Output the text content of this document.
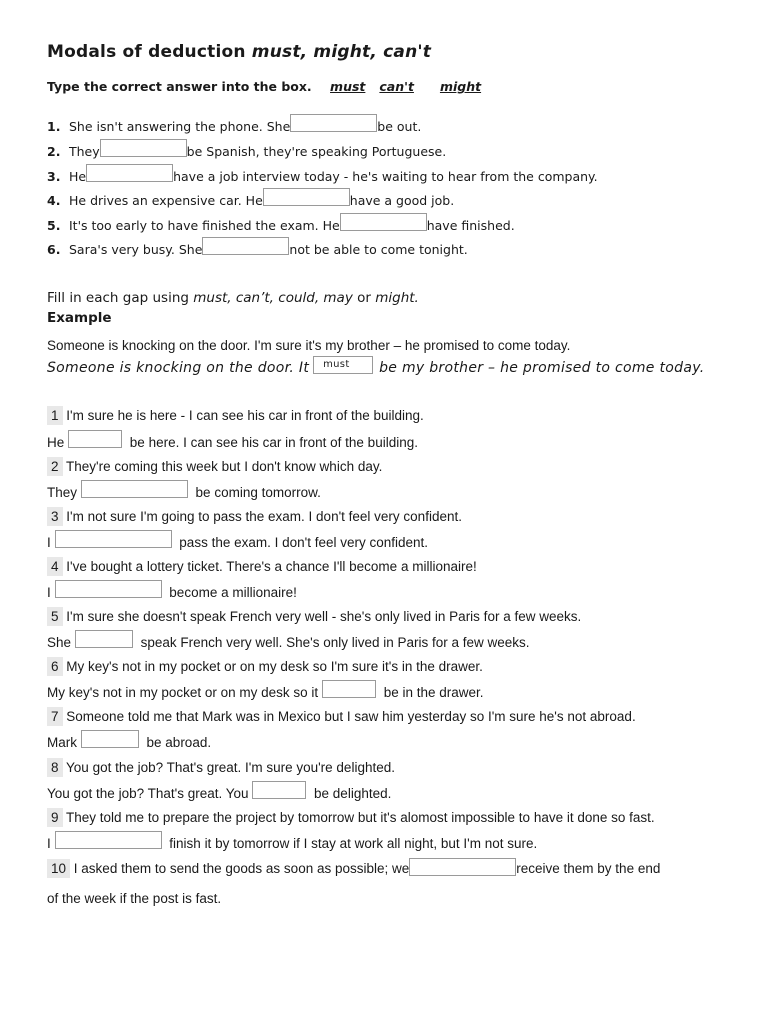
Modals of deduction must, might, can't
Type the correct answer into the box. must can't might
1. She isn't answering the phone. She	be out.
2. They	be Spanish, they're speaking Portuguese.
3. He	have a job interview today - he's waiting to hear from the company.
4. He drives an expensive car. He	have a good job.
5. It's too early to have finished the exam. He	have finished.
6. Sara's very busy. She	not be able to come tonight.
Fill in each gap using must, can’t, could, may or might.
Example
Someone is knocking on the door. I'm sure it's my brother – he promised to come today.
Someone is knocking on the door. It must be my brother – he promised to come today.
1 I'm sure he is here - I can see his car in front of the building.
He	be here. I can see his car in front of the building.
2 They're coming this week but I don't know which day.
They	be coming tomorrow.
3 I'm not sure I'm going to pass the exam. I don't feel very confident.
I	pass the exam. I don't feel very confident.
4 I've bought a lottery ticket. There's a chance I'll become a millionaire!
I	become a millionaire!
5 I'm sure she doesn't speak French very well - she's only lived in Paris for a few weeks.
She	speak French very well. She's only lived in Paris for a few weeks.
6 My key's not in my pocket or on my desk so I'm sure it's in the drawer.
My key's not in my pocket or on my desk so it	be in the drawer.
7 Someone told me that Mark was in Mexico but I saw him yesterday so I'm sure he's not abroad.
Mark	be abroad.
8 You got the job? That's great. I'm sure you're delighted.
You got the job? That's great. You	be delighted.
9 They told me to prepare the project by tomorrow but it's alomost impossible to have it done so fast.
I	finish it by tomorrow if I stay at work all night, but I'm not sure.
10 I asked them to send the goods as soon as possible; we	receive them by the end
of the week if the post is fast.
